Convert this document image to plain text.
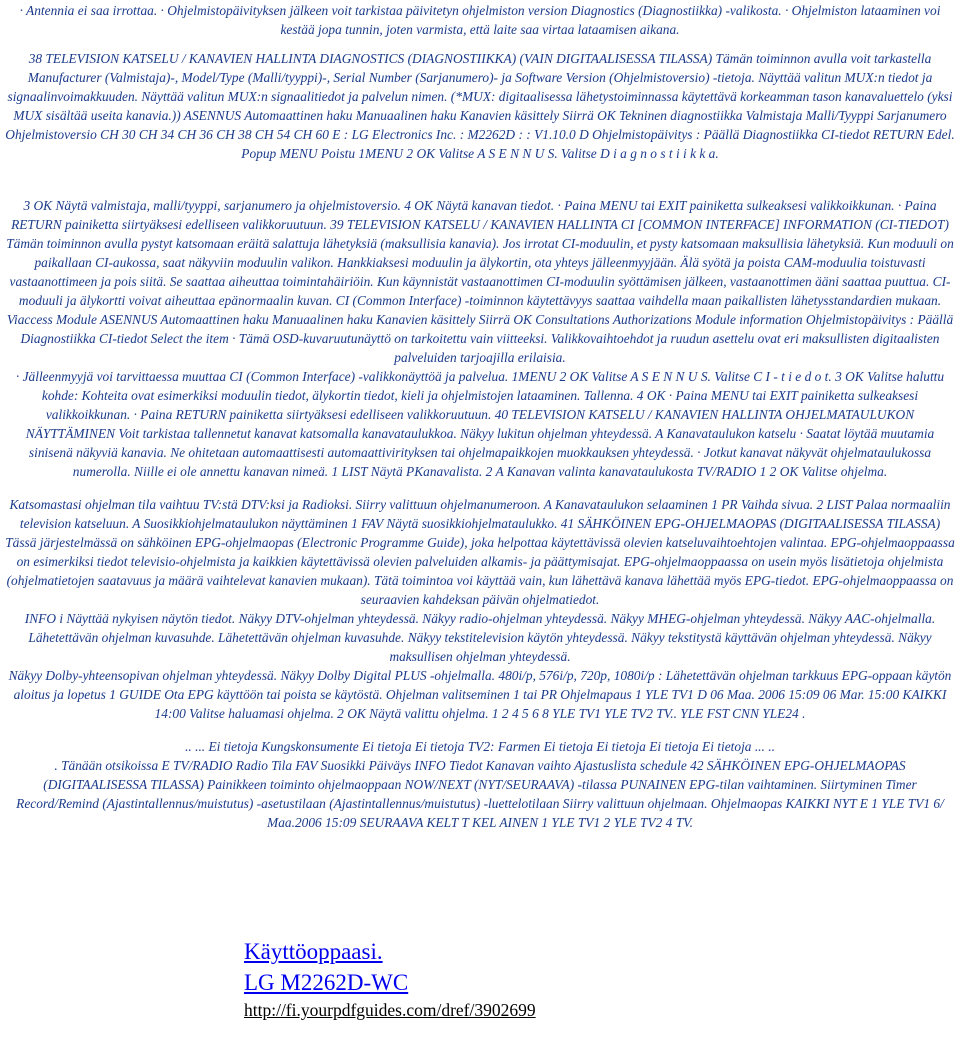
· Antennia ei saa irrottaa. · Ohjelmistopäivityksen jälkeen voit tarkistaa päivitetyn ohjelmiston version Diagnostics (Diagnostiikka) -valikosta. · Ohjelmiston lataaminen voi kestää jopa tunnin, joten varmista, että laite saa virtaa lataamisen aikana.

38 TELEVISION KATSELU / KANAVIEN HALLINTA DIAGNOSTICS (DIAGNOSTIIKKA) (VAIN DIGITAALISESSA TILASSA) Tämän toiminnon avulla voit tarkastella Manufacturer (Valmistaja)-, Model/Type (Malli/tyyppi)-, Serial Number (Sarjanumero)- ja Software Version (Ohjelmistoversio) -tietoja. Näyttää valitun MUX:n tiedot ja signaalinvoimakkuuden. Näyttää valitun MUX:n signaalitiedot ja palvelun nimen. (*MUX: digitaalisessa lähetystoiminnassa käytettävä korkeamman tason kanavaluettelo (yksi MUX sisältää useita kanavia.)) ASENNUS Automaattinen haku Manuaalinen haku Kanavien käsittely Siirrä OK Tekninen diagnostiikka Valmistaja Malli/Tyyppi Sarjanumero Ohjelmistoversio CH 30 CH 34 CH 36 CH 38 CH 54 CH 60 E : LG Electronics Inc. : M2262D : : V1.10.0 D Ohjelmistopäivitys : Päällä Diagnostiikka CI-tiedot RETURN Edel. Popup MENU Poistu 1MENU 2 OK Valitse A S E N N U S. Valitse D i a g n o s t i i k k a.

3 OK Näytä valmistaja, malli/tyyppi, sarjanumero ja ohjelmistoversio. 4 OK Näytä kanavan tiedot. · Paina MENU tai EXIT painiketta sulkeaksesi valikkoikkunan. · Paina RETURN painiketta siirtyäksesi edelliseen valikkoruutuun. 39 TELEVISION KATSELU / KANAVIEN HALLINTA CI [COMMON INTERFACE] INFORMATION (CI-TIEDOT) Tämän toiminnon avulla pystyt katsomaan eräitä salattuja lähetyksiä (maksullisia kanavia). Jos irrotat CI-moduulin, et pysty katsomaan maksullisia lähetyksiä. Kun moduuli on paikallaan CI-aukossa, saat näkyviin moduulin valikon. Hankkiaksesi moduulin ja älykortin, ota yhteys jälleenmyyjään. Älä syötä ja poista CAM-moduulia toistuvasti vastaanottimeen ja pois siitä. Se saattaa aiheuttaa toimintahäiriöin. Kun käynnistät vastaanottimen CI-moduulin syöttämisen jälkeen, vastaanottimen ääni saattaa puuttua. CI-moduuli ja älykortti voivat aiheuttaa epänormaalin kuvan. CI (Common Interface) -toiminnon käytettävyys saattaa vaihdella maan paikallisten lähetysstandardien mukaan. Viaccess Module ASENNUS Automaattinen haku Manuaalinen haku Kanavien käsittely Siirrä OK Consultations Authorizations Module information Ohjelmistopäivitys : Päällä Diagnostiikka CI-tiedot Select the item · Tämä OSD-kuvaruutunäyttö on tarkoitettu vain viitteeksi. Valikkovaihtoehdot ja ruudun asettelu ovat eri maksullisten digitaalisten palveluiden tarjoajilla erilaisia.

· Jälleenmyyjä voi tarvittaessa muuttaa CI (Common Interface) -valikkonäyttöä ja palvelua. 1MENU 2 OK Valitse A S E N N U S. Valitse C I - t i e d o t. 3 OK Valitse haluttu kohde: Kohteita ovat esimerkiksi moduulin tiedot, älykortin tiedot, kieli ja ohjelmistojen lataaminen. Tallenna. 4 OK · Paina MENU tai EXIT painiketta sulkeaksesi valikkoikkunan. · Paina RETURN painiketta siirtyäksesi edelliseen valikkoruutuun. 40 TELEVISION KATSELU / KANAVIEN HALLINTA OHJELMATAULUKON NÄYTTÄMINEN Voit tarkistaa tallennetut kanavat katsomalla kanavataulukkoa. Näkyy lukitun ohjelman yhteydessä. A Kanavataulukon katselu · Saatat löytää muutamia sinisenä näkyviä kanavia. Ne ohitetaan automaattisesti automaattivirityksen tai ohjelmapaikkojen muokkauksen yhteydessä. · Jotkut kanavat näkyvät ohjelmataulukossa numerolla. Niille ei ole annettu kanavan nimeä. 1 LIST Näytä PKanavalista. 2 A Kanavan valinta kanavataulukosta TV/RADIO 1 2 OK Valitse ohjelma.

Katsomastasi ohjelman tila vaihtuu TV:stä DTV:ksi ja Radioksi. Siirry valittuun ohjelmanumeroon. A Kanavataulukon selaaminen 1 PR Vaihda sivua. 2 LIST Palaa normaaliin television katseluun. A Suosikkiohjelmataulukon näyttäminen 1 FAV Näytä suosikkiohjelmataulukko. 41 SÄHKÖINEN EPG-OHJELMAOPAS (DIGITAALISESSA TILASSA) Tässä järjestelmässä on sähköinen EPG-ohjelmaopas (Electronic Programme Guide), joka helpottaa käytettävissä olevien katseluvaihtoehtojen valintaa. EPG-ohjelmaoppaassa on esimerkiksi tiedot televisio-ohjelmista ja kaikkien käytettävissä olevien palveluiden alkamis- ja päättymisajat. EPG-ohjelmaoppaassa on usein myös lisätietoja ohjelmista (ohjelmatietojen saatavuus ja määrä vaihtelevat kanavien mukaan). Tätä toimintoa voi käyttää vain, kun lähettävä kanava lähettää myös EPG-tiedot. EPG-ohjelmaoppaassa on seuraavien kahdeksan päivän ohjelmatiedot.

INFO i Näyttää nykyisen näytön tiedot. Näkyy DTV-ohjelman yhteydessä. Näkyy radio-ohjelman yhteydessä. Näkyy MHEG-ohjelman yhteydessä. Näkyy AAC-ohjelmalla.

Lähetettävän ohjelman kuvasuhde. Lähetettävän ohjelman kuvasuhde. Näkyy tekstitelevision käytön yhteydessä. Näkyy tekstitystä käyttävän ohjelman yhteydessä. Näkyy maksullisen ohjelman yhteydessä.

Näkyy Dolby-yhteensopivan ohjelman yhteydessä. Näkyy Dolby Digital PLUS -ohjelmalla. 480i/p, 576i/p, 720p, 1080i/p : Lähetettävän ohjelman tarkkuus EPG-oppaan käytön aloitus ja lopetus 1 GUIDE Ota EPG käyttöön tai poista se käytöstä. Ohjelman valitseminen 1 tai PR Ohjelmapaus 1 YLE TV1 D 06 Maa. 2006 15:09 06 Mar. 15:00 KAIKKI 14:00 Valitse haluamasi ohjelma. 2 OK Näytä valittu ohjelma. 1 2 4 5 6 8 YLE TV1 YLE TV2 TV.. YLE FST CNN YLE24 .

.. ... Ei tietoja Kungskonsumente Ei tietoja Ei tietoja TV2: Farmen Ei tietoja Ei tietoja Ei tietoja Ei tietoja ... ..

. Tänään otsikoissa E TV/RADIO Radio Tila FAV Suosikki Päiväys INFO Tiedot Kanavan vaihto Ajastuslista schedule 42 SÄHKÖINEN EPG-OHJELMAOPAS (DIGITAALISESSA TILASSA) Painikkeen toiminto ohjelmaoppaan NOW/NEXT (NYT/SEURAAVA) -tilassa PUNAINEN EPG-tilan vaihtaminen. Siirtyminen Timer Record/Remind (Ajastintallennus/muistutus) -asetustilaan (Ajastintallennus/muistutus) -luettelotilaan Siirry valittuun ohjelmaan. Ohjelmaopas KAIKKI NYT E 1 YLE TV1 6/ Maa.2006 15:09 SEURAAVA KELT T KEL AINEN 1 YLE TV1 2 YLE TV2 4 TV.

Käyttöoppaasi.
LG M2262D-WC
http://fi.yourpdfguides.com/dref/3902699
